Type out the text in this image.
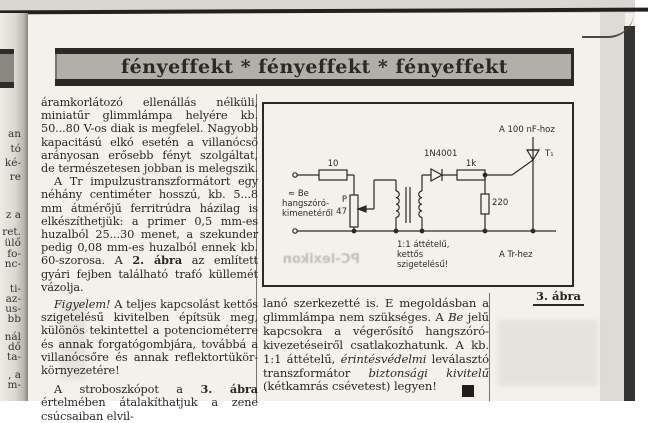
an
tó
ké-
re
z a
ret.
ülő
fo-
nc-
ti-
az-
us-
bb
nál
dő
ta-
, a
m-
fényeffekt * fényeffekt * fényeffekt
PC-lexikon

áramkorlátozó ellenállás nélküli, miniatűr glimmlámpa helyére kb. 50...80 V-os diak is megfelel. Nagyobb kapacitású elkó esetén a villanócső arányosan erősebb fényt szolgáltat, de természetesen jobban is melegszik.

A Tr impulzustranszformátort egy néhány centiméter hosszú, kb. 5...8 mm átmérőjű ferritrúdra házilag is elkészíthetjük: a primer 0,5 mm-es huzalból 25...30 menet, a szekunder pedig 0,08 mm-es huzalból ennek kb. 60-szorosa. A 2. ábra az említett gyári fejben található trafó küllemét vázolja.

Figyelem! A teljes kapcsolást kettős szigetelésű kivitelben építsük meg, különös tekintettel a potenciométerre és annak forgatógombjára, továbbá a villanócsőre és annak reflektortükör-környezetére!

A stroboszkópot a 3. ábra értelmében átalakíthatjuk a zene csúcsaiban elvil-

10
≈ Be
hangszóró-
kimenetéről
P
47
1:1 áttételű,
kettős
szigetelésű!
1N4001
1k
220
A 100 nF-hoz
T₁
A Tr-hez
3. ábra

lanó szerkezetté is. E megoldásban a glimmlámpa nem szükséges. A Be jelű kapcsokra a végerősítő hangszóró-kivezetéseiről csatlakozhatunk. A kb. 1:1 áttételű, érintésvédelmi leválasztó transzformátor biztonsági kivitelű (kétkamrás csévetest) legyen!
